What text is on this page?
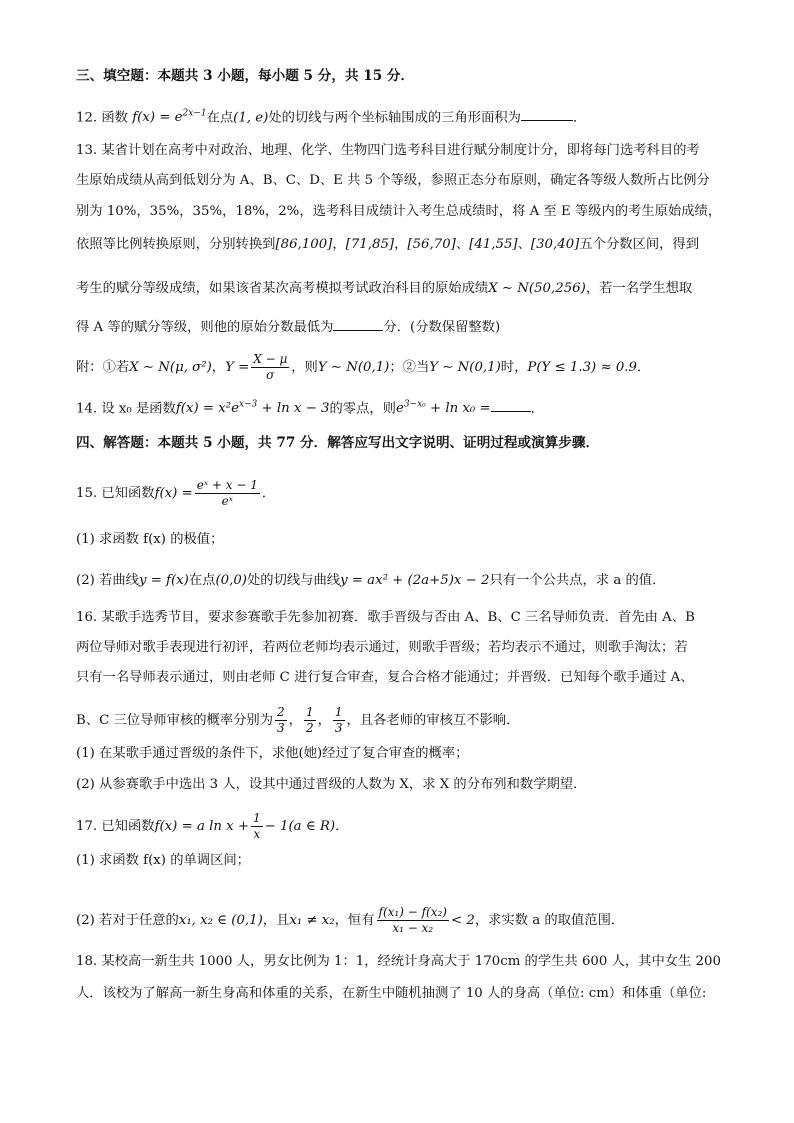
三、填空题：本题共 3 小题，每小题 5 分，共 15 分．
12. 函数 $f(x) = e^{2x-1}$在点(1, e)处的切线与两个坐标轴围成的三角形面积为	．
13. 某省计划在高考中对政治、地理、化学、生物四门选考科目进行赋分制度计分，即将每门选考科目的考
生原始成绩从高到低划分为 A、B、C、D、E 共 5 个等级，参照正态分布原则，确定各等级人数所占比例分
别为 10%，35%，35%，18%，2%，选考科目成绩计入考生总成绩时，将 A 至 E 等级内的考生原始成绩，
依照等比例转换原则，分别转换到[86,100]，[71,85]，[56,70]、[41,55]、[30,40]五个分数区间，得到
考生的赋分等级成绩，如果该省某次高考模拟考试政治科目的原始成绩X ∼ N(50,256)，若一名学生想取
得 A 等的赋分等级，则他的原始分数最低为	分．(分数保留整数)
附：①若X ∼ N(μ, σ²)，$Y = \frac{X - \mu}{\sigma}$ ，则Y ∼ N(0,1)；②当Y ∼ N(0,1)时，P(Y ≤ 1.3) ≈ 0.9．
14. 设 x₀ 是函数$f(x) = x^2e^{x-3} + \ln x - 3$的零点，则$e^{3-x_0} + \ln x_0$ =	．
四、解答题：本题共 5 小题，共 77 分．解答应写出文字说明、证明过程或演算步骤．
15. 已知函数$f(x) = \frac{\text{eˣ + x − 1}}{\text{eˣ}}$ ．
(1) 求函数 f(x) 的极值；
(2) 若曲线y = f(x)在点(0,0)处的切线与曲线y = ax² + (2a+5)x − 2只有一个公共点，求 a 的值．
16. 某歌手选秀节目，要求参赛歌手先参加初赛．歌手晋级与否由 A、B、C 三名导师负责．首先由 A、B
两位导师对歌手表现进行初评，若两位老师均表示通过，则歌手晋级；若均表示不通过，则歌手淘汰；若
只有一名导师表示通过，则由老师 C 进行复合审查，复合合格才能通过；并晋级．已知每个歌手通过 A、
B、C 三位导师审核的概率分别为 $\frac{2}{3}$ ， $\frac{1}{2}$ ， $\frac{1}{3}$ ，且各老师的审核互不影响．
(1) 在某歌手通过晋级的条件下，求他(她)经过了复合审查的概率；
(2) 从参赛歌手中选出 3 人，设其中通过晋级的人数为 X，求 X 的分布列和数学期望．
17. 已知函数f(x) = a $\ln x + \frac{1}{x} - 1(a$ ∈ R)．
(1) 求函数 f(x) 的单调区间；
(2) 若对于任意的x₁, x₂ ∈ (0,1)，且x₁ ≠ x₂，恒有 $\frac{\text{f(x₁) − f(x₂)}}{\text{x₁ − x₂}} < 2$，求实数 a 的取值范围．
18. 某校高一新生共 1000 人，男女比例为 1：1，经统计身高大于 170cm 的学生共 600 人，其中女生 200
人．该校为了解高一新生身高和体重的关系，在新生中随机抽测了 10 人的身高（单位: cm）和体重（单位:
